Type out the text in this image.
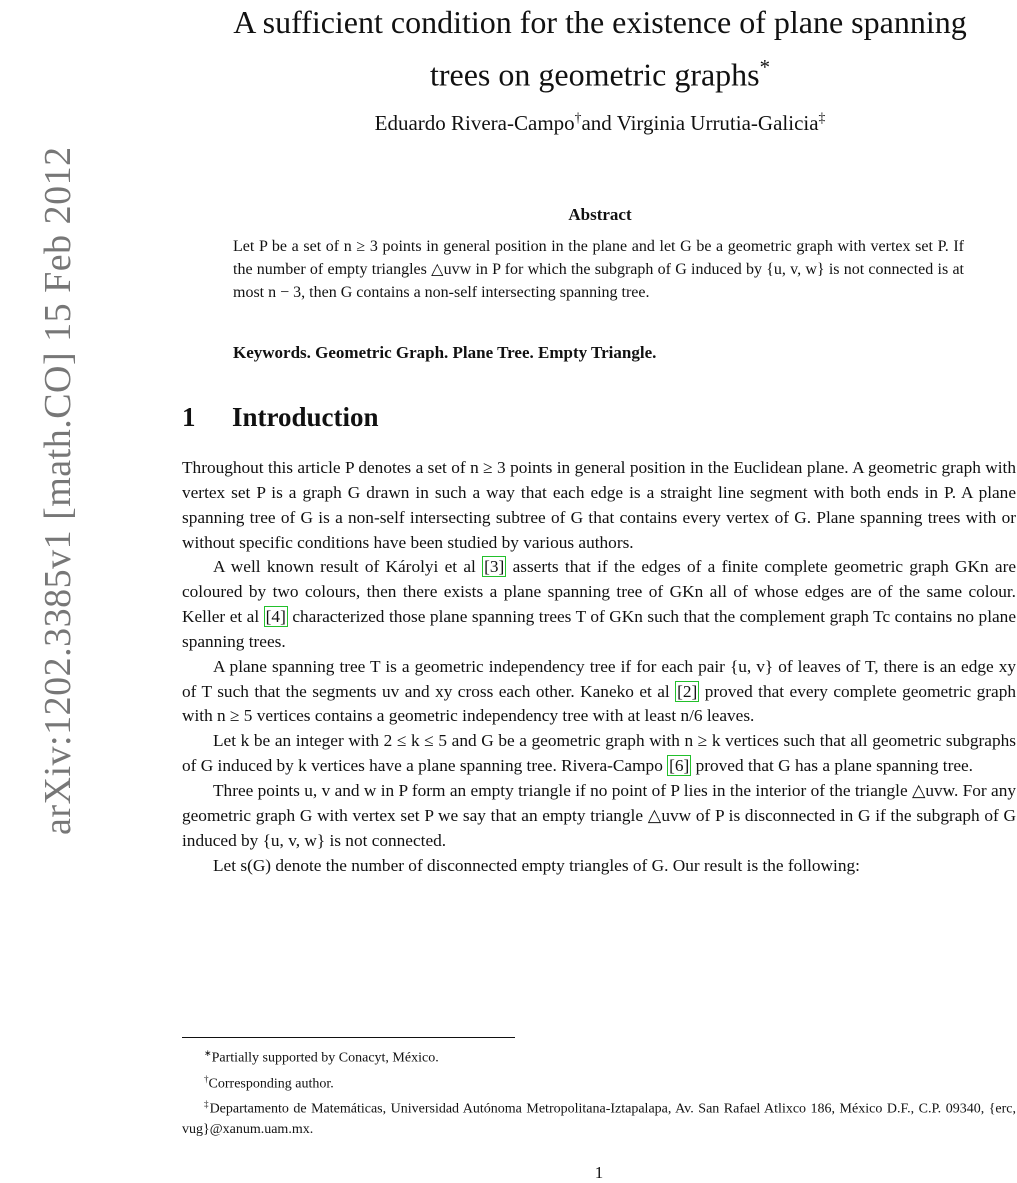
arXiv:1202.3385v1 [math.CO] 15 Feb 2012
A sufficient condition for the existence of plane spanning
trees on geometric graphs*
Eduardo Rivera-Campo†and Virginia Urrutia-Galicia‡
Abstract
Let P be a set of n ≥ 3 points in general position in the plane and let G be a geometric graph with vertex set P. If the number of empty triangles △uvw in P for which the subgraph of G induced by {u, v, w} is not connected is at most n − 3, then G contains a non-self intersecting spanning tree.
Keywords. Geometric Graph. Plane Tree. Empty Triangle.
1 Introduction

Throughout this article P denotes a set of n ≥ 3 points in general position in the Euclidean plane. A geometric graph with vertex set P is a graph G drawn in such a way that each edge is a straight line segment with both ends in P. A plane spanning tree of G is a non-self intersecting subtree of G that contains every vertex of G. Plane spanning trees with or without specific conditions have been studied by various authors.

A well known result of Károlyi et al [3] asserts that if the edges of a finite complete geometric graph GKn are coloured by two colours, then there exists a plane spanning tree of GKn all of whose edges are of the same colour. Keller et al [4] characterized those plane spanning trees T of GKn such that the complement graph Tc contains no plane spanning trees.

A plane spanning tree T is a geometric independency tree if for each pair {u, v} of leaves of T, there is an edge xy of T such that the segments uv and xy cross each other. Kaneko et al [2] proved that every complete geometric graph with n ≥ 5 vertices contains a geometric independency tree with at least n/6 leaves.

Let k be an integer with 2 ≤ k ≤ 5 and G be a geometric graph with n ≥ k vertices such that all geometric subgraphs of G induced by k vertices have a plane spanning tree. Rivera-Campo [6] proved that G has a plane spanning tree.

Three points u, v and w in P form an empty triangle if no point of P lies in the interior of the triangle △uvw. For any geometric graph G with vertex set P we say that an empty triangle △uvw of P is disconnected in G if the subgraph of G induced by {u, v, w} is not connected.

Let s(G) denote the number of disconnected empty triangles of G. Our result is the following:

∗Partially supported by Conacyt, México.

†Corresponding author.

‡Departamento de Matemáticas, Universidad Autónoma Metropolitana-Iztapalapa, Av. San Rafael Atlixco 186, México D.F., C.P. 09340, {erc, vug}@xanum.uam.mx.

1
